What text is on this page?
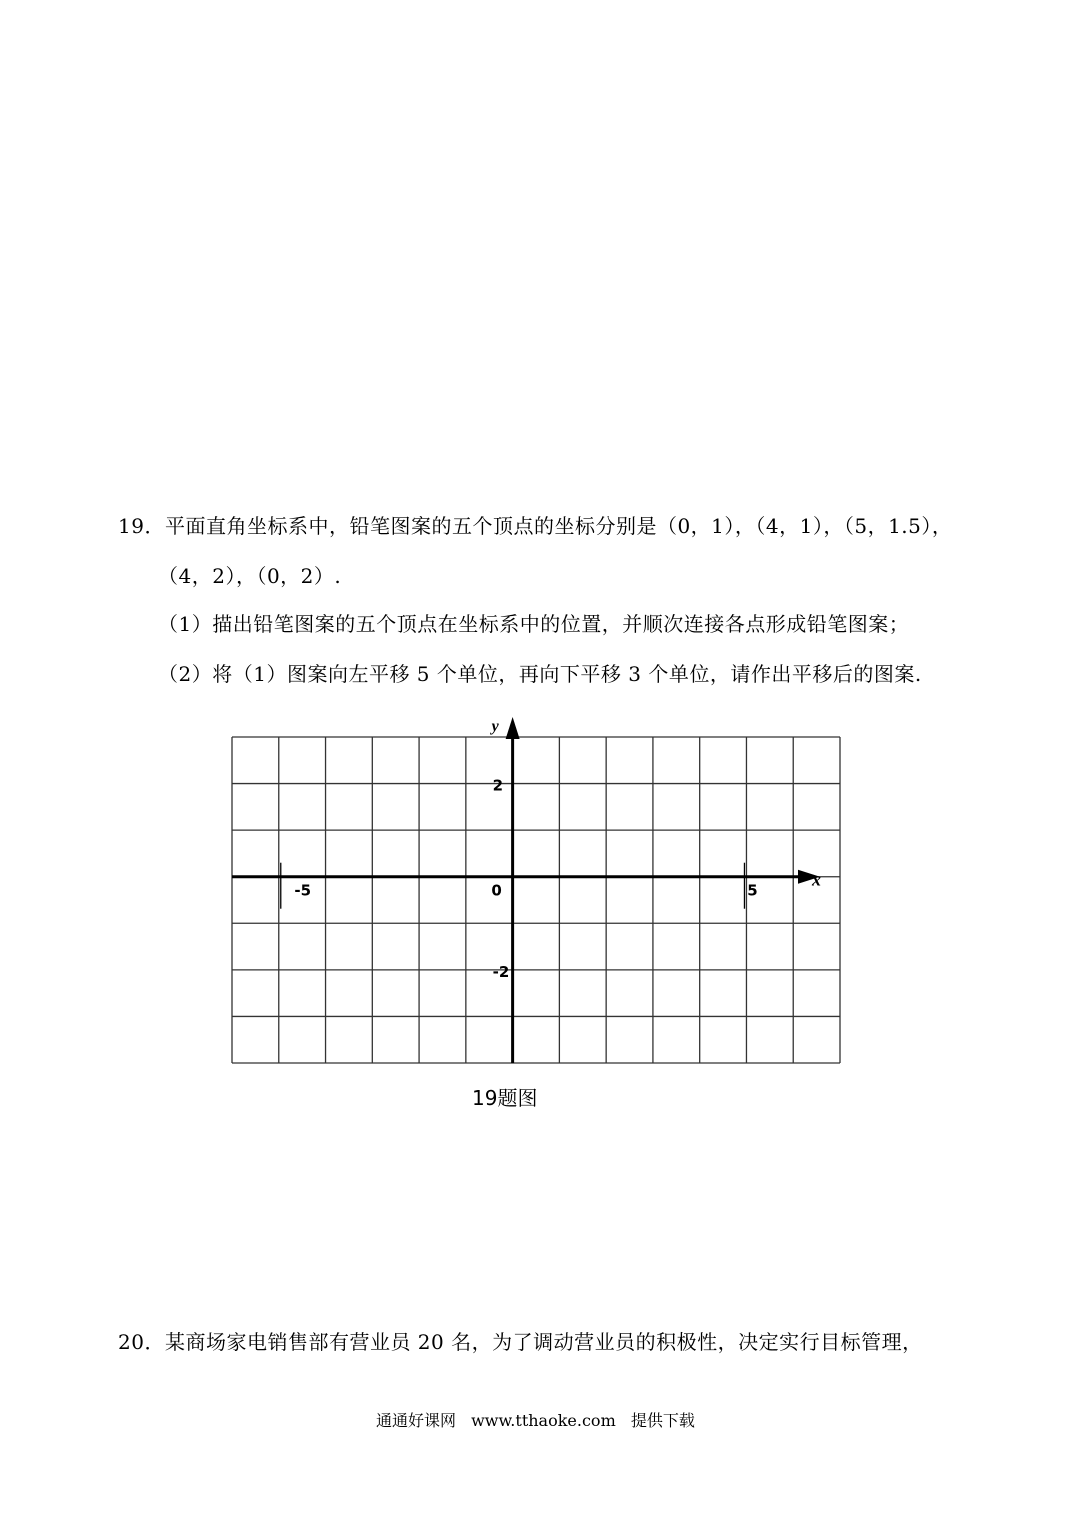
19．平面直角坐标系中，铅笔图案的五个顶点的坐标分别是（0，1），（4，1），（5，1.5），
（4，2），（0，2）.
（1）描出铅笔图案的五个顶点在坐标系中的位置，并顺次连接各点形成铅笔图案；
（2）将（1）图案向左平移 5 个单位，再向下平移 3 个单位，请作出平移后的图案.
x
y
-5	5
0
2
-2
19题图
20．某商场家电销售部有营业员 20 名，为了调动营业员的积极性，决定实行目标管理，
通通好课网 www.tthaoke.com 提供下载
